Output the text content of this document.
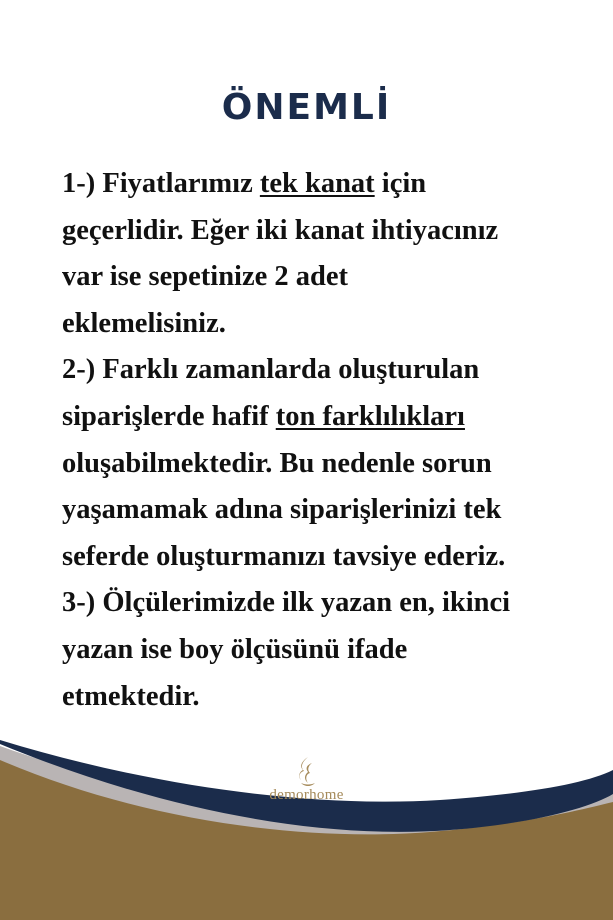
ÖNEMLİ
1-) Fiyatlarımız tek kanat için
geçerlidir. Eğer iki kanat ihtiyacınız
var ise sepetinize 2 adet
eklemelisiniz.
2-) Farklı zamanlarda oluşturulan
siparişlerde hafif ton farklılıkları
oluşabilmektedir. Bu nedenle sorun
yaşamamak adına siparişlerinizi tek
seferde oluşturmanızı tavsiye ederiz.
3-) Ölçülerimizde ilk yazan en, ikinci
yazan ise boy ölçüsünü ifade
etmektedir.
demorhome
